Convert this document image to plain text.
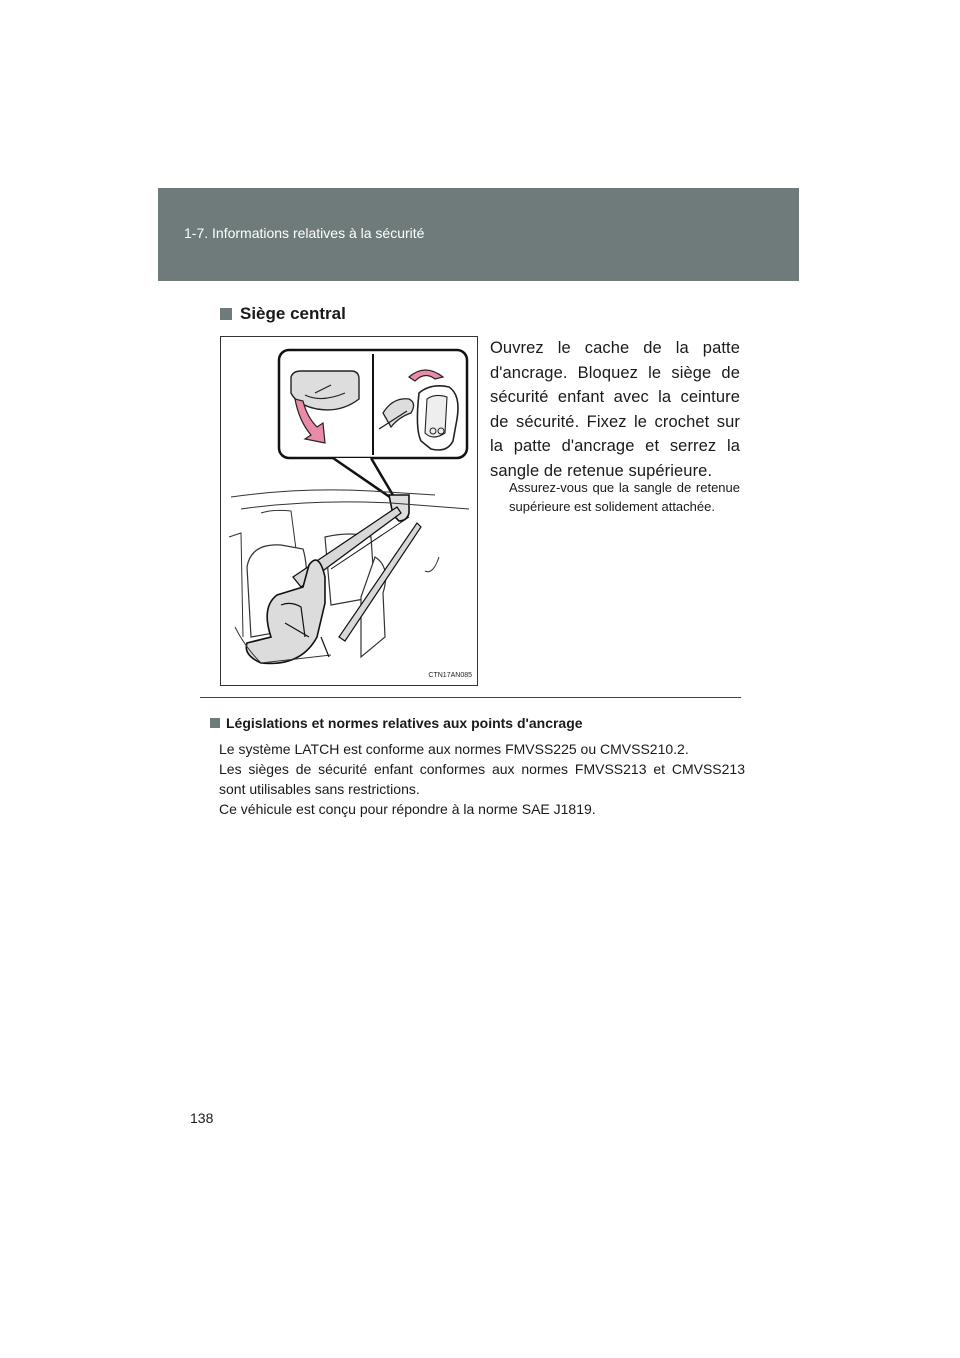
1-7. Informations relatives à la sécurité
Siège central
CTN17AN085
Ouvrez le cache de la patte d'ancrage. Bloquez le siège de sécurité enfant avec la ceinture de sécurité. Fixez le crochet sur la patte d'ancrage et serrez la sangle de retenue supérieure.
Assurez-vous que la sangle de retenue supérieure est solidement attachée.
Législations et normes relatives aux points d'ancrage

Le système LATCH est conforme aux normes FMVSS225 ou CMVSS210.2.

Les sièges de sécurité enfant conformes aux normes FMVSS213 et CMVSS213 sont utilisables sans restrictions.

Ce véhicule est conçu pour répondre à la norme SAE J1819.

138
